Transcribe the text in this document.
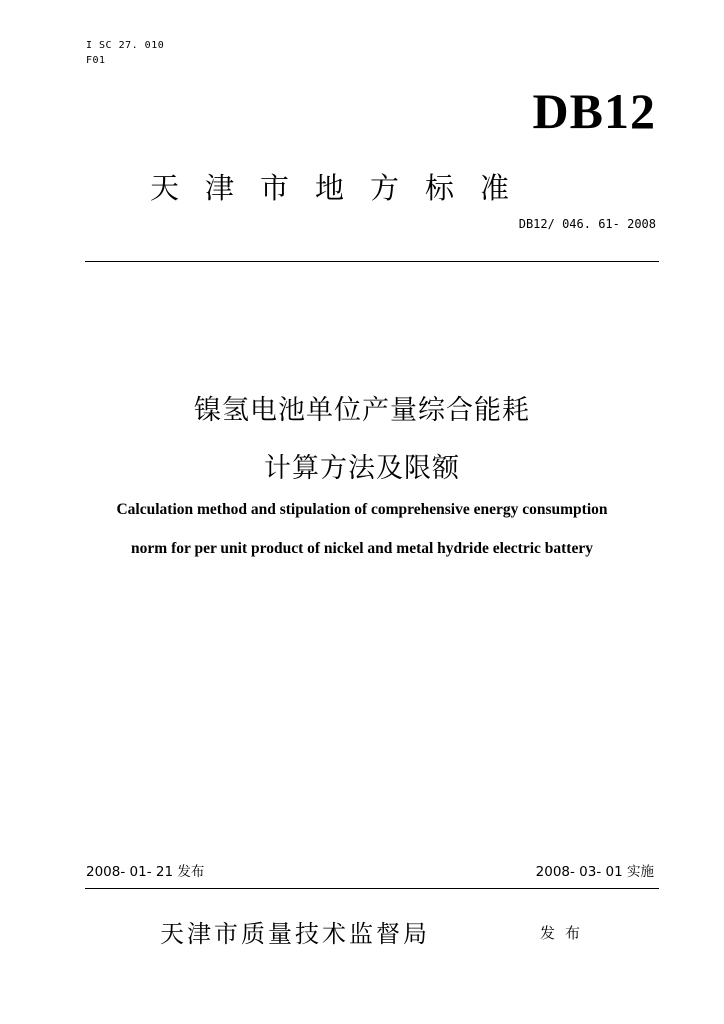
I SC 27. 010
F01
DB12
天津市地方标准
DB12/ 046. 61- 2008
镍氢电池单位产量综合能耗
计算方法及限额
Calculation method and stipulation of comprehensive energy consumption
norm for per unit product of nickel and metal hydride electric battery
2008- 01- 21 发布	2008- 03- 01 实施
天津市质量技术监督局	发布
